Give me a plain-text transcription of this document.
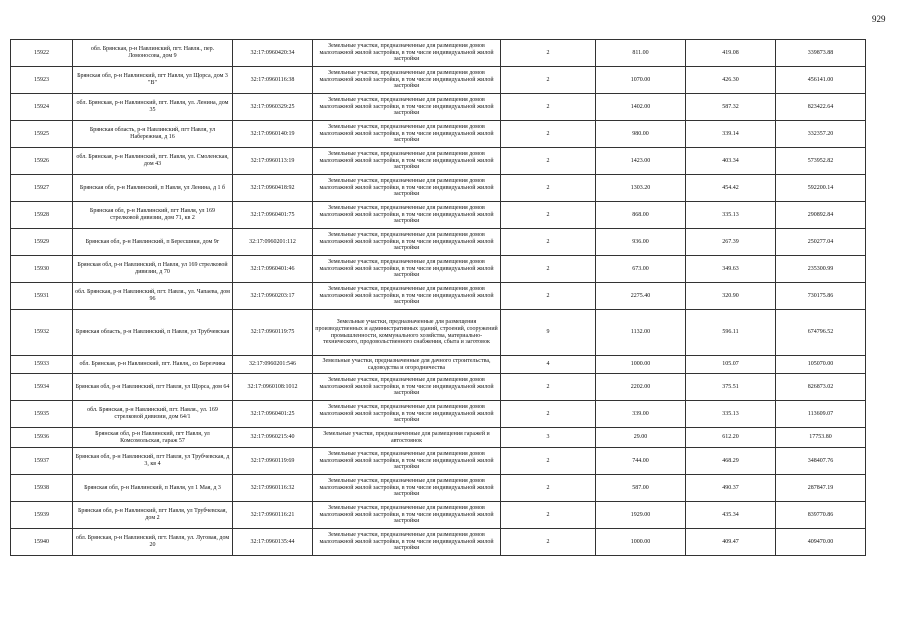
929
15922	обл. Брянская, р-н Навлинский, пгт. Навля., пер. Ломоносова, дом 9	32:17:0960420:34	Земельные участки, предназначенные для размещения домов малоэтажной жилой застройки, в том числе индивидуальной жилой застройки	2	811.00	419.08	339873.88
15923	Брянская обл, р-н Навлинский, пгт Навля, ул Щорса, дом 3 "В"	32:17:0960116:38	Земельные участки, предназначенные для размещения домов малоэтажной жилой застройки, в том числе индивидуальной жилой застройки	2	1070.00	426.30	456141.00
15924	обл. Брянская, р-н Навлинский, пгт. Навля, ул. Ленина, дом 35	32:17:0960329:25	Земельные участки, предназначенные для размещения домов малоэтажной жилой застройки, в том числе индивидуальной жилой застройки	2	1402.00	587.32	823422.64
15925	Брянская область, р-н Навлинский, пгт Навля, ул Набережная, д 16	32:17:0960140:19	Земельные участки, предназначенные для размещения домов малоэтажной жилой застройки, в том числе индивидуальной жилой застройки	2	980.00	339.14	332357.20
15926	обл. Брянская, р-н Навлинский, пгт. Навля, ул. Смоленская, дом 43	32:17:0960113:19	Земельные участки, предназначенные для размещения домов малоэтажной жилой застройки, в том числе индивидуальной жилой застройки	2	1423.00	403.34	573952.82
15927	Брянская обл, р-н Навлинский, п Навля, ул Ленина, д 1 б	32:17:0960418:92	Земельные участки, предназначенные для размещения домов малоэтажной жилой застройки, в том числе индивидуальной жилой застройки	2	1303.20	454.42	592200.14
15928	Брянская обл, р-н Навлинский, пгт Навля, ул 169 стрелковой дивизии, дом 71, кв 2	32:17:0960401:75	Земельные участки, предназначенные для размещения домов малоэтажной жилой застройки, в том числе индивидуальной жилой застройки	2	868.00	335.13	290892.84
15929	Брянская обл, р-н Навлинский, п Бересшики, дом 9г	32:17:0960201:112	Земельные участки, предназначенные для размещения домов малоэтажной жилой застройки, в том числе индивидуальной жилой застройки	2	936.00	267.39	250277.04
15930	Брянская обл, р-н Навлинский, п Навля, ул 169 стрелковой дивизии, д 70	32:17:0960401:46	Земельные участки, предназначенные для размещения домов малоэтажной жилой застройки, в том числе индивидуальной жилой застройки	2	673.00	349.63	235300.99
15931	обл. Брянская, р-н Навлинский, пгт. Навля., ул. Чапаева, дом 96	32:17:0960203:17	Земельные участки, предназначенные для размещения домов малоэтажной жилой застройки, в том числе индивидуальной жилой застройки	2	2275.40	320.90	730175.86
15932	Брянская область, р-н Навлинский, п Навля, ул Трубчевская	32:17:0960119:75	Земельные участки, предназначенные для размещения производственных и административных зданий, строений, сооружений промышленности, коммунального хозяйства, материально-технического, продовольственного снабжения, сбыта и заготовок	9	1132.00	596.11	674796.52
15933	обл. Брянская, р-н Навлинский, пгт. Навля,, со Березчика	32:17:0960201:546	Земельные участки, предназначенные для дачного строительства, садоводства и огородничества	4	1000.00	105.07	105070.00
15934	Брянская обл, р-н Навлинский, пгт Навля, ул Щорса, дом 64	32:17:0960108:1012	Земельные участки, предназначенные для размещения домов малоэтажной жилой застройки, в том числе индивидуальной жилой застройки	2	2202.00	375.51	826873.02
15935	обл. Брянская, р-н Навлинский, пгт. Навля., ул. 169 стрелковой дивизии, дом 64/1	32:17:0960401:25	Земельные участки, предназначенные для размещения домов малоэтажной жилой застройки, в том числе индивидуальной жилой застройки	2	339.00	335.13	113609.07
15936	Брянская обл, р-н Навлинский, пгт Навля, ул Комсомольская, гараж 57	32:17:0960215:40	Земельные участки, предназначенные для размещения гаражей и автостоянок	3	29.00	612.20	17753.80
15937	Брянская обл, р-н Навлинский, пгт Навля, ул Трубчевская, д 3, кв 4	32:17:0960119:69	Земельные участки, предназначенные для размещения домов малоэтажной жилой застройки, в том числе индивидуальной жилой застройки	2	744.00	468.29	348407.76
15938	Брянская обл, р-н Навлинский, п Навля, ул 1 Мая, д 3	32:17:0960116:32	Земельные участки, предназначенные для размещения домов малоэтажной жилой застройки, в том числе индивидуальной жилой застройки	2	587.00	490.37	287847.19
15939	Брянская обл, р-н Навлинский, пгт Навля, ул Трубчевская, дом 2	32:17:0960116:21	Земельные участки, предназначенные для размещения домов малоэтажной жилой застройки, в том числе индивидуальной жилой застройки	2	1929.00	435.34	839770.86
15940	обл. Брянская, р-н Навлинский, пгт. Навля, ул. Луговая, дом 20	32:17:0960135:44	Земельные участки, предназначенные для размещения домов малоэтажной жилой застройки, в том числе индивидуальной жилой застройки	2	1000.00	409.47	409470.00
